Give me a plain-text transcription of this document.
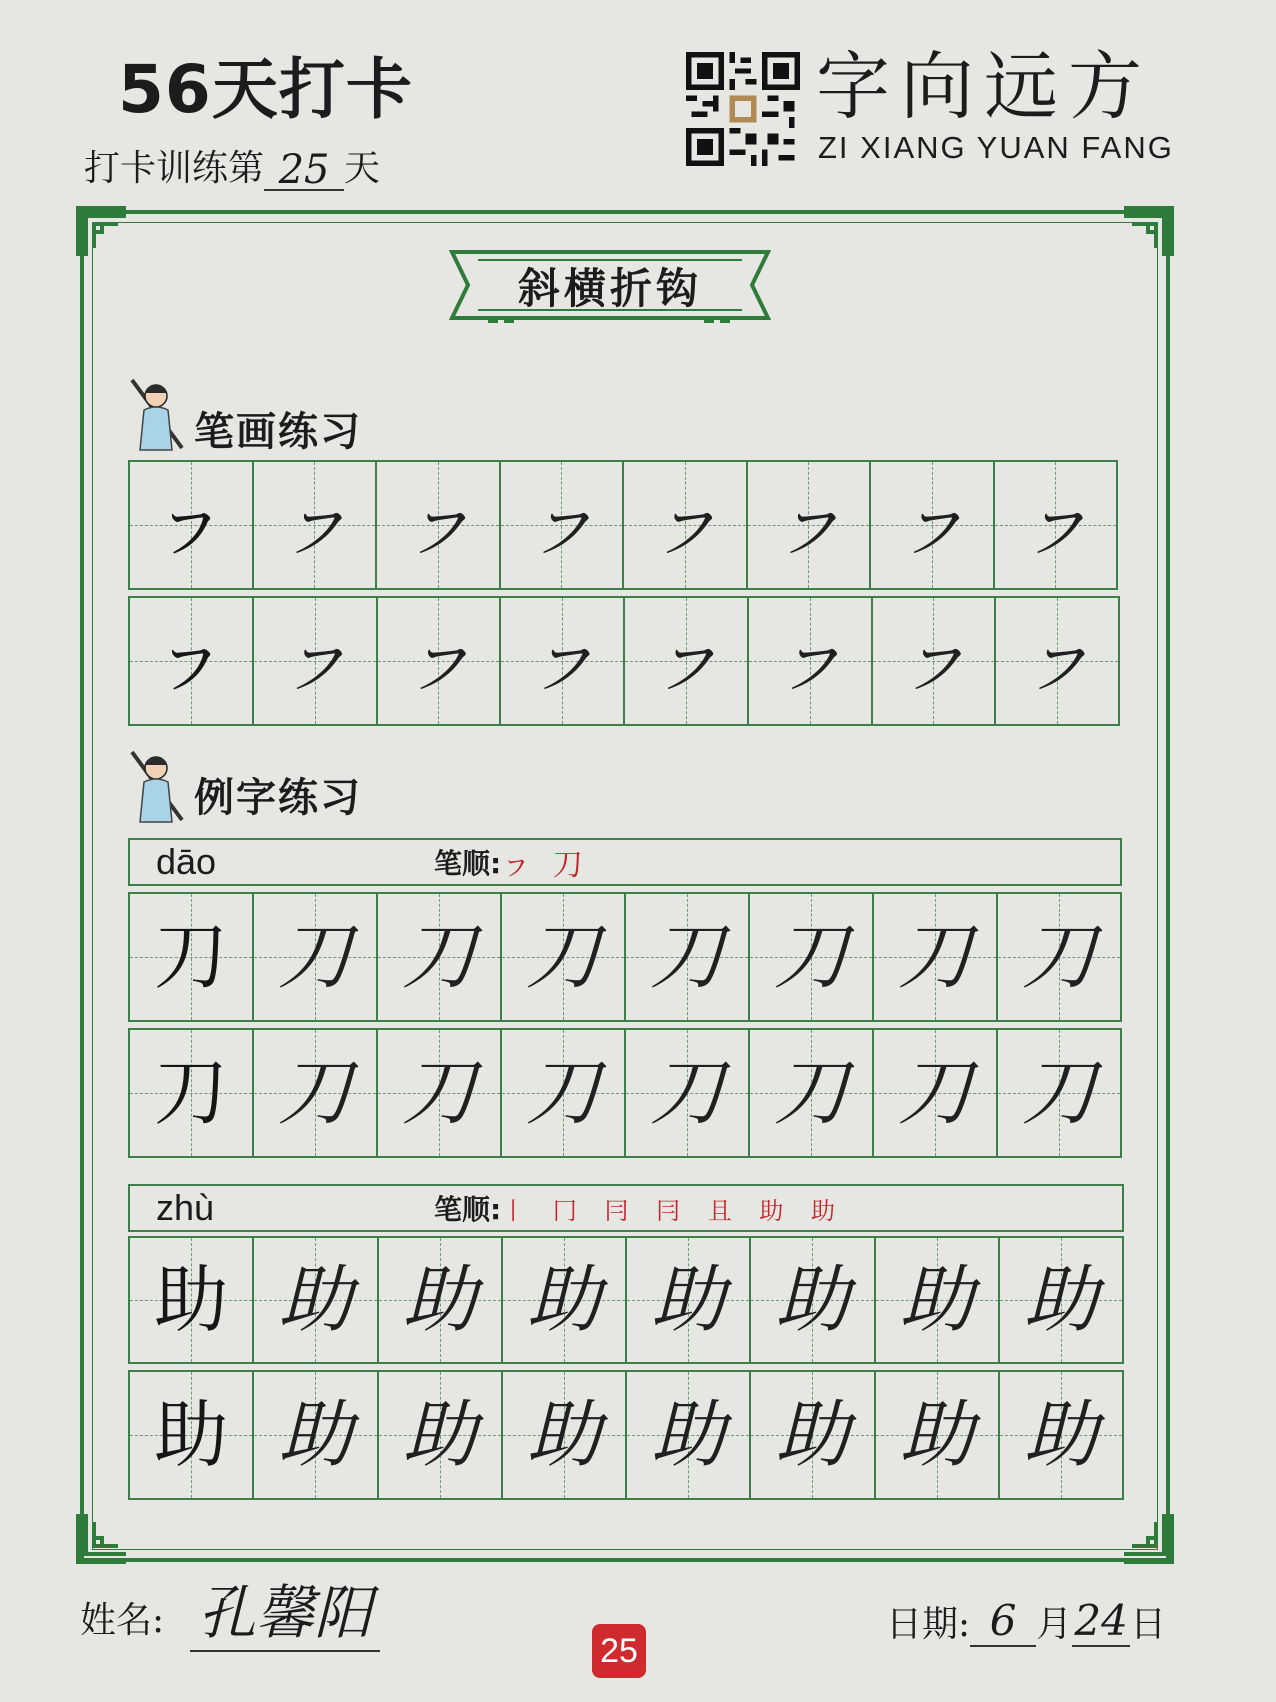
56天打卡
打卡训练第 25 天
字向远方
ZI XIANG YUAN FANG
斜横折钩
笔画练习
ㇷ ㇷ ㇷ ㇷ ㇷ ㇷ ㇷ ㇷ
ㇷ ㇷ ㇷ ㇷ ㇷ ㇷ ㇷ ㇷ
例字练习
dāo	笔顺: ㇷ 刀
刀 刀 刀 刀 刀 刀 刀 刀
刀 刀 刀 刀 刀 刀 刀 刀
zhù	笔顺: 丨 冂 冃 冃 且 助 助
助 助 助 助 助 助 助 助
助 助 助 助 助 助 助 助
姓名: 孔馨阳
25
日期: 6 月 24 日
